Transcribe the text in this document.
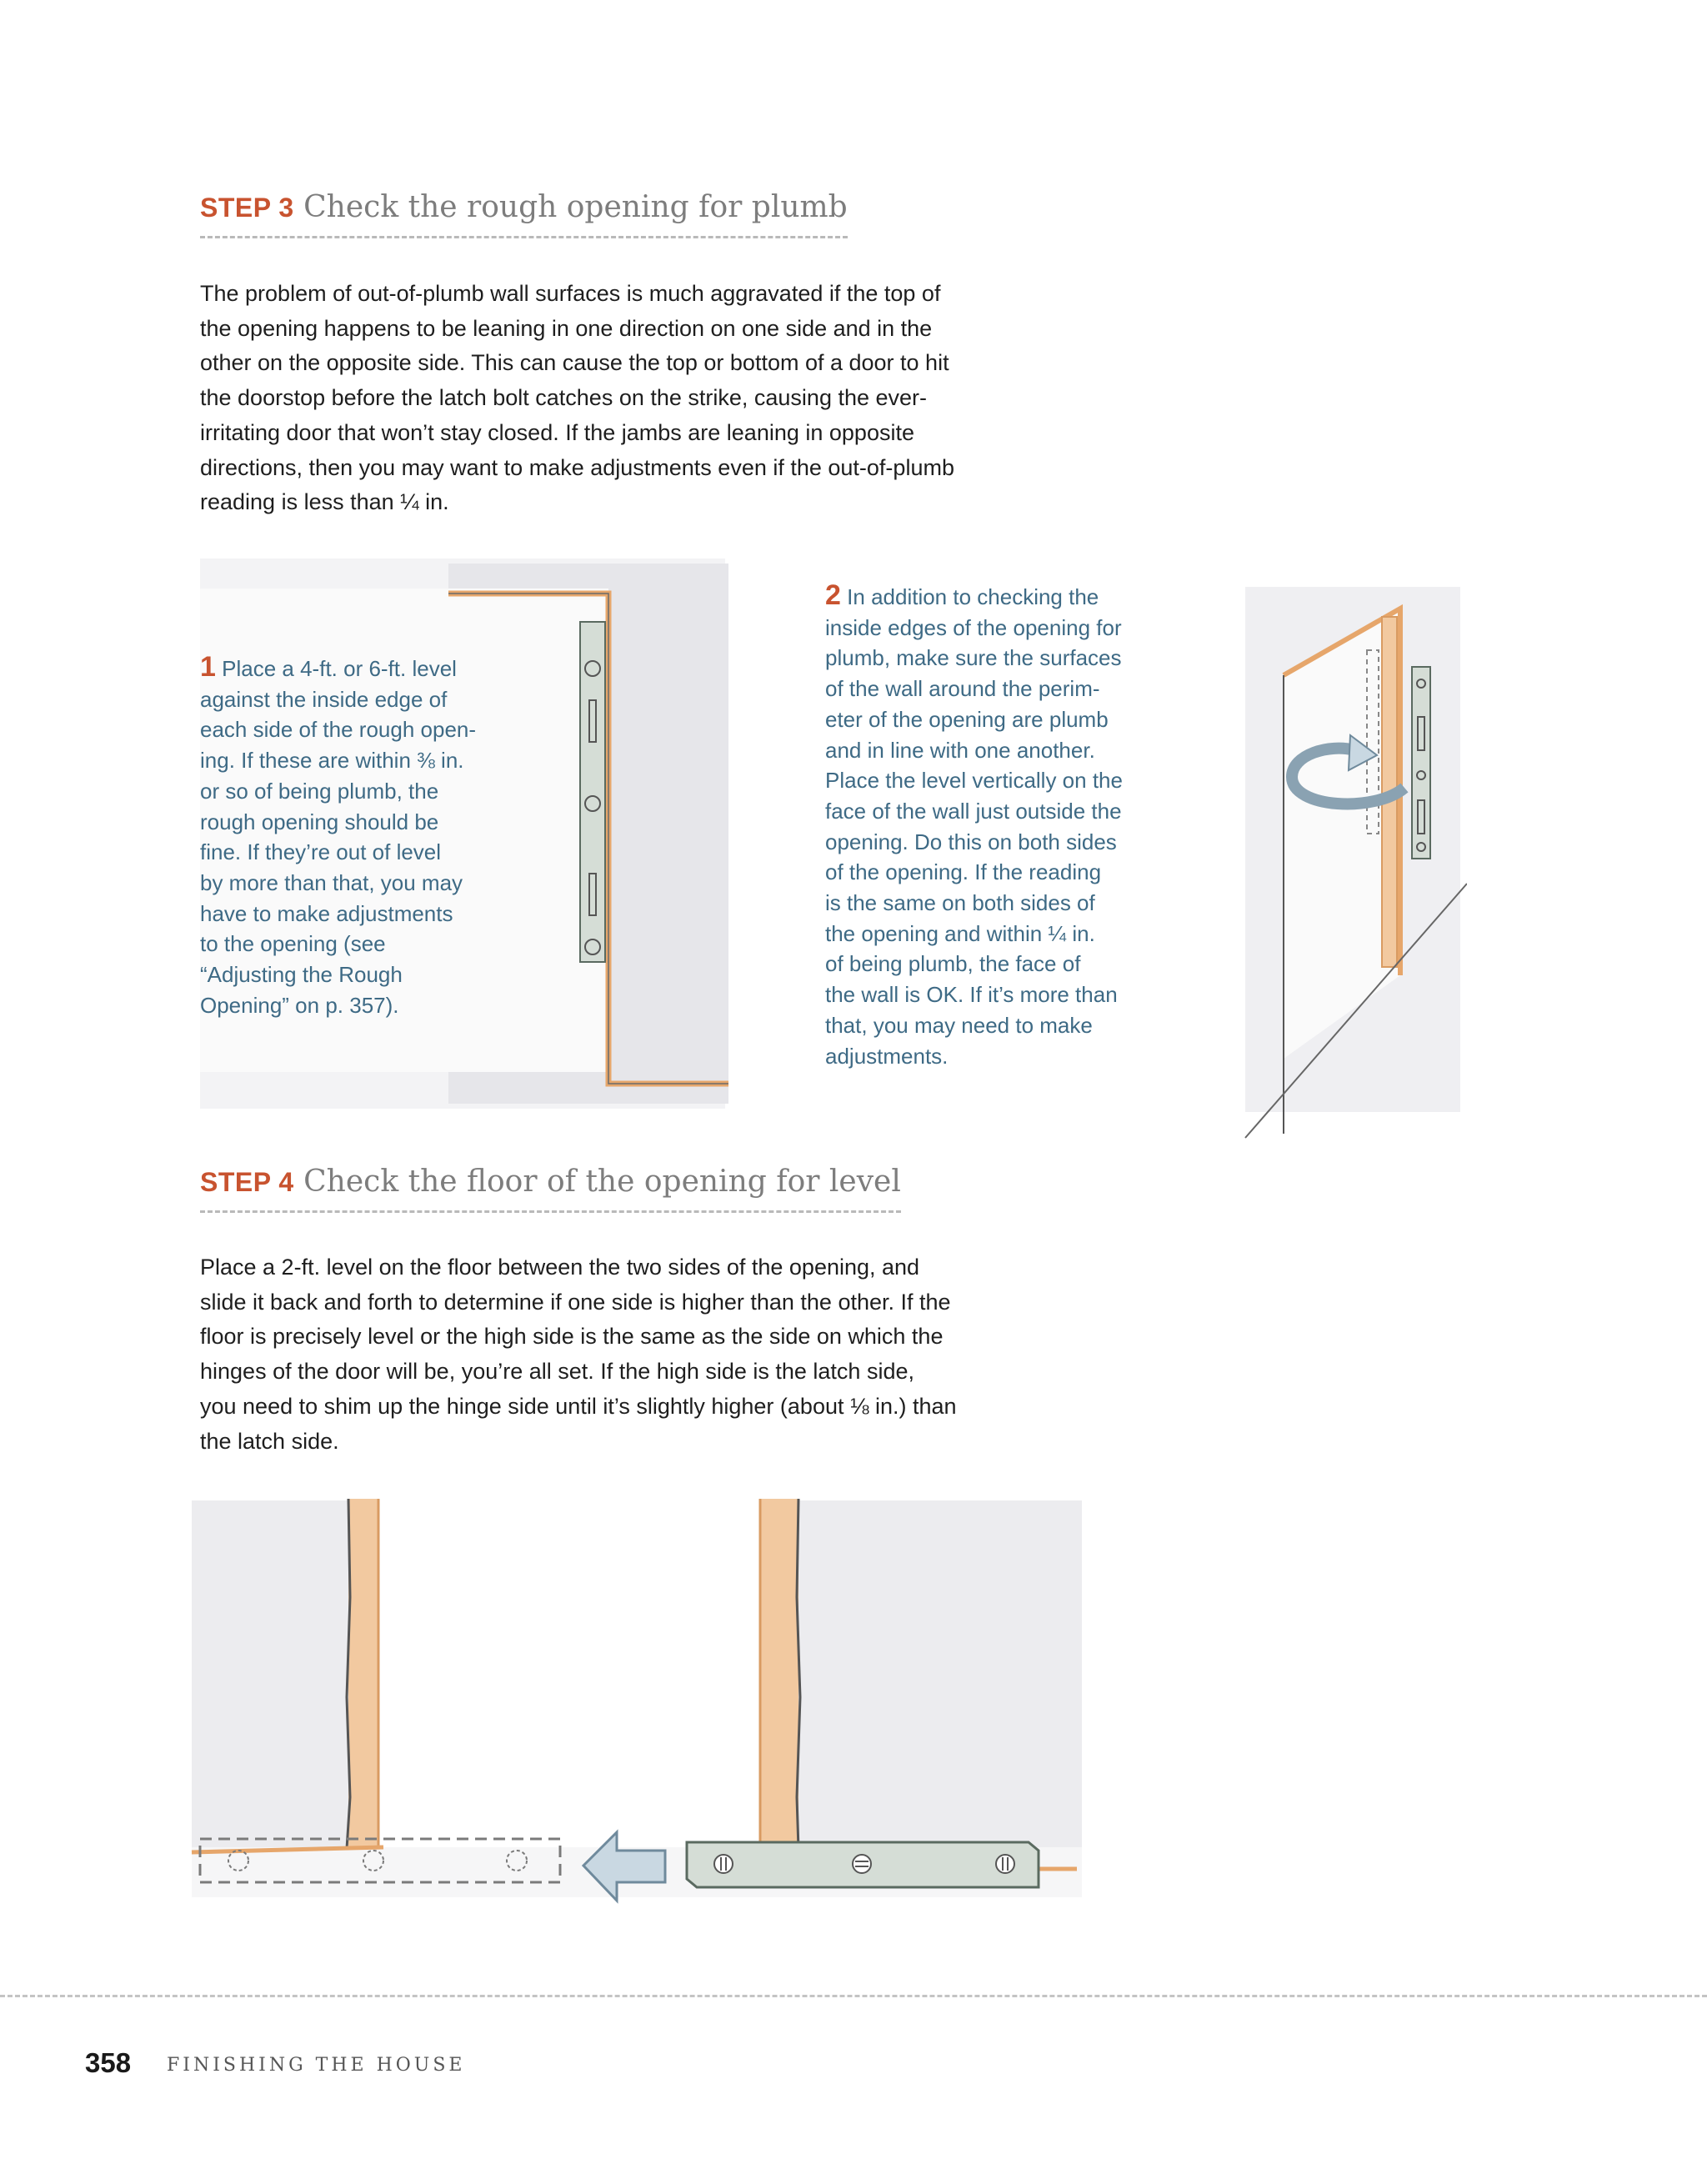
STEP 3 Check the rough opening for plumb
The problem of out-of-plumb wall surfaces is much aggravated if the top of
the opening happens to be leaning in one direction on one side and in the
other on the opposite side. This can cause the top or bottom of a door to hit
the doorstop before the latch bolt catches on the strike, causing the ever-
irritating door that won’t stay closed. If the jambs are leaning in opposite
directions, then you may want to make adjustments even if the out-of-plumb
reading is less than ¼ in.
1 Place a 4-ft. or 6-ft. level
against the inside edge of
each side of the rough open-
ing. If these are within ⅜ in.
or so of being plumb, the
rough opening should be
fine. If they’re out of level
by more than that, you may
have to make adjustments
to the opening (see
“Adjusting the Rough
Opening” on p. 357).
2 In addition to checking the
inside edges of the opening for
plumb, make sure the surfaces
of the wall around the perim-
eter of the opening are plumb
and in line with one another.
Place the level vertically on the
face of the wall just outside the
opening. Do this on both sides
of the opening. If the reading
is the same on both sides of
the opening and within ¼ in.
of being plumb, the face of
the wall is OK. If it’s more than
that, you may need to make
adjustments.
STEP 4 Check the floor of the opening for level
Place a 2-ft. level on the floor between the two sides of the opening, and
slide it back and forth to determine if one side is higher than the other. If the
floor is precisely level or the high side is the same as the side on which the
hinges of the door will be, you’re all set. If the high side is the latch side,
you need to shim up the hinge side until it’s slightly higher (about ⅛ in.) than
the latch side.
358 FINISHING THE HOUSE
